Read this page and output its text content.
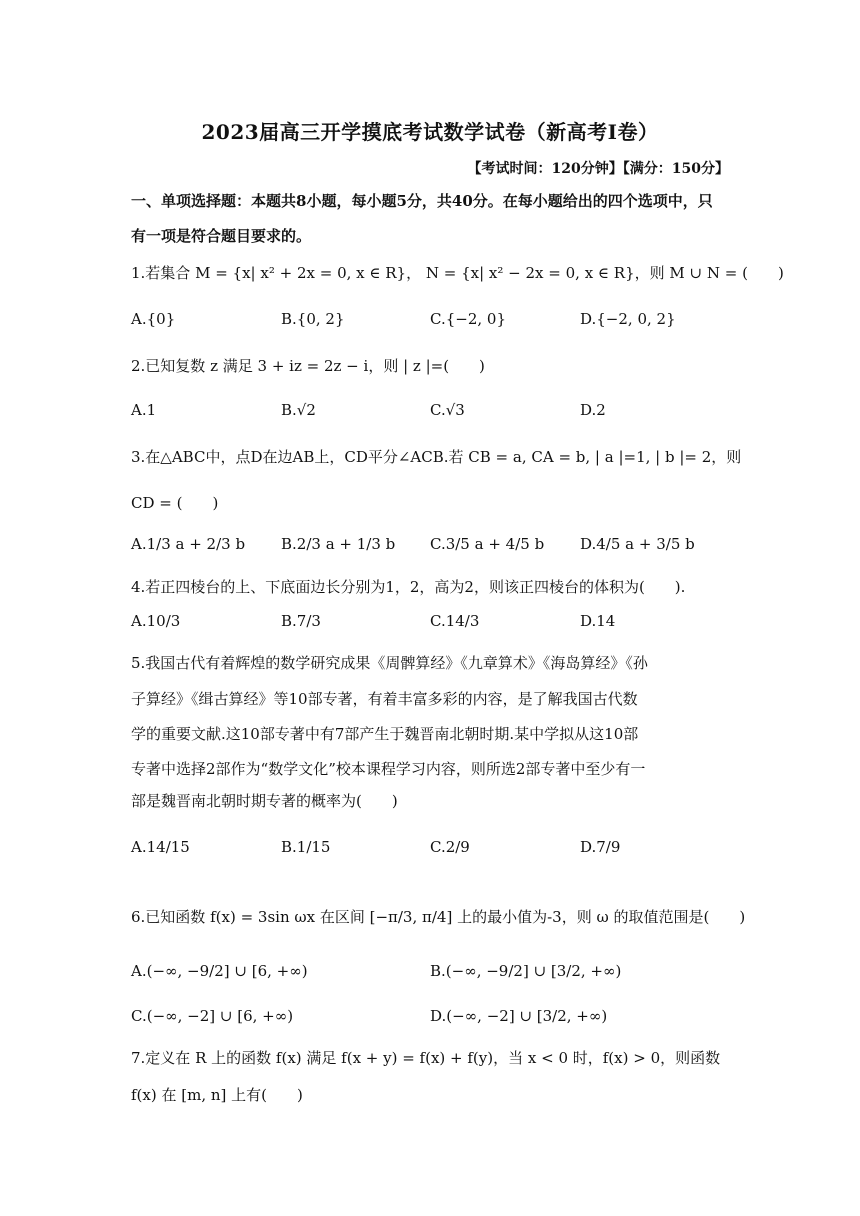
2023届高三开学摸底考试数学试卷（新高考Ⅰ卷）
【考试时间：120分钟】【满分：150分】
一、单项选择题：本题共8小题，每小题5分，共40分。在每小题给出的四个选项中，只
有一项是符合题目要求的。
1.若集合 M = {x| x² + 2x = 0, x ∈ R}， N = {x| x² − 2x = 0, x ∈ R}，则 M ∪ N = (　　)
A.{0}	B.{0, 2}	C.{−2, 0}	D.{−2, 0, 2}
2.已知复数 z 满足 3 + iz = 2z − i，则 | z |=(　　)
A.1	B.√2	C.√3	D.2
3.在△ABC中，点D在边AB上，CD平分∠ACB.若 CB = a, CA = b, | a |=1, | b |= 2，则
CD = (　　)
A.1/3 a + 2/3 b B.2/3 a + 1/3 b C.3/5 a + 4/5 b D.4/5 a + 3/5 b
4.若正四棱台的上、下底面边长分别为1，2，高为2，则该正四棱台的体积为(　　).
A.10/3	B.7/3	C.14/3	D.14
5.我国古代有着辉煌的数学研究成果《周髀算经》《九章算术》《海岛算经》《孙
子算经》《缉古算经》等10部专著，有着丰富多彩的内容，是了解我国古代数
学的重要文献.这10部专著中有7部产生于魏晋南北朝时期.某中学拟从这10部
专著中选择2部作为“数学文化”校本课程学习内容，则所选2部专著中至少有一
部是魏晋南北朝时期专著的概率为(　　)
A.14/15	B.1/15	C.2/9	D.7/9
6.已知函数 f(x) = 3sin ωx 在区间 [−π/3, π/4] 上的最小值为-3，则 ω 的取值范围是(　　)
A.(−∞, −9/2] ∪ [6, +∞)	B.(−∞, −9/2] ∪ [3/2, +∞)
C.(−∞, −2] ∪ [6, +∞)	D.(−∞, −2] ∪ [3/2, +∞)
7.定义在 R 上的函数 f(x) 满足 f(x + y) = f(x) + f(y)，当 x < 0 时，f(x) > 0，则函数
f(x) 在 [m, n] 上有(　　)
